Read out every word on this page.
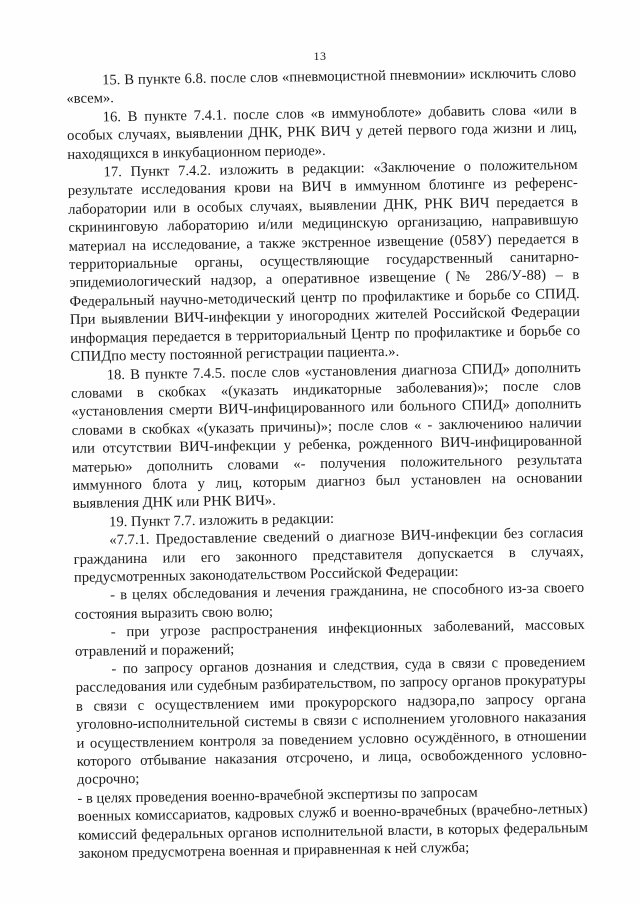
13

15. В пункте 6.8. после слов «пневмоцистной пневмонии» исключить слово «всем».

16. В пункте 7.4.1. после слов «в иммуноблоте» добавить слова «или в особых случаях, выявлении ДНК, РНК ВИЧ у детей первого года жизни и лиц, находящихся в инкубационном периоде».

17. Пункт 7.4.2. изложить в редакции: «Заключение о положительном результате исследования крови на ВИЧ в иммунном блотинге из референс-лаборатории или в особых случаях, выявлении ДНК, РНК ВИЧ передается в скрининговую лабораторию и/или медицинскую организацию, направившую материал на исследование, а также экстренное извещение (058У) передается в территориальные органы, осуществляющие государственный санитарно-эпидемиологический надзор, а оперативное извещение (№ 286/У-88) – в Федеральный научно-методический центр по профилактике и борьбе со СПИД. При выявлении ВИЧ-инфекции у иногородних жителей Российской Федерации информация передается в территориальный Центр по профилактике и борьбе со СПИДпо месту постоянной регистрации пациента.».

18. В пункте 7.4.5. после слов «установления диагноза СПИД» дополнить словами в скобках «(указать индикаторные заболевания)»; после слов «установления смерти ВИЧ-инфицированного или больного СПИД» дополнить словами в скобках «(указать причины)»; после слов « - заключениюо наличии или отсутствии ВИЧ-инфекции у ребенка, рожденного ВИЧ-инфицированной матерью» дополнить словами «- получения положительного результата иммунного блота у лиц, которым диагноз был установлен на основании выявления ДНК или РНК ВИЧ».

19. Пункт 7.7. изложить в редакции:

«7.7.1. Предоставление сведений о диагнозе ВИЧ-инфекции без согласия гражданина или его законного представителя допускается в случаях, предусмотренных законодательством Российской Федерации:

- в целях обследования и лечения гражданина, не способного из-за своего состояния выразить свою волю;

- при угрозе распространения инфекционных заболеваний, массовых отравлений и поражений;

- по запросу органов дознания и следствия, суда в связи с проведением расследования или судебным разбирательством, по запросу органов прокуратуры в связи с осуществлением ими прокурорского надзора,по запросу органа уголовно-исполнительной системы в связи с исполнением уголовного наказания и осуществлением контроля за поведением условно осуждённого, в отношении которого отбывание наказания отсрочено, и лица, освобожденного условно-досрочно;

- в целях проведения военно-врачебной экспертизы по запросам

военных комиссариатов, кадровых служб и военно-врачебных (врачебно-летных) комиссий федеральных органов исполнительной власти, в которых федеральным законом предусмотрена военная и приравненная к ней служба;
